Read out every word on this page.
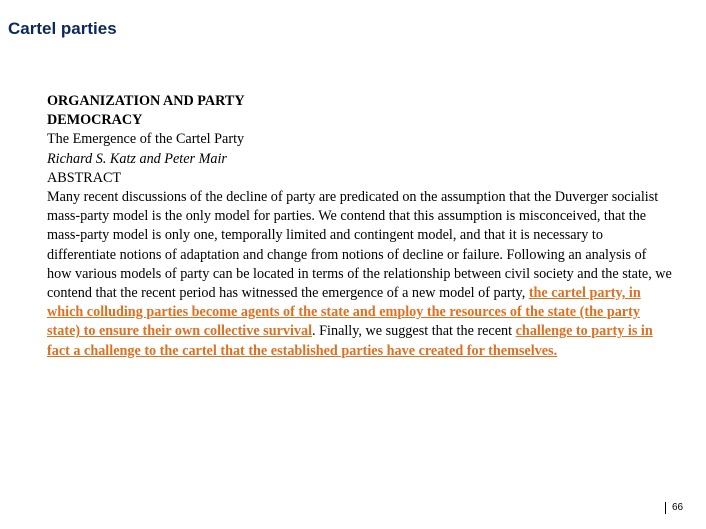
Cartel parties

ORGANIZATION AND PARTY

DEMOCRACY

The Emergence of the Cartel Party

Richard S. Katz and Peter Mair

ABSTRACT

Many recent discussions of the decline of party are predicated on the assumption that the Duverger socialist mass-party model is the only model for parties. We contend that this assumption is misconceived, that the mass-party model is only one, temporally limited and contingent model, and that it is necessary to differentiate notions of adaptation and change from notions of decline or failure. Following an analysis of how various models of party can be located in terms of the relationship between civil society and the state, we contend that the recent period has witnessed the emergence of a new model of party, the cartel party, in which colluding parties become agents of the state and employ the resources of the state (the party state) to ensure their own collective survival. Finally, we suggest that the recent challenge to party is in fact a challenge to the cartel that the established parties have created for themselves.

66
